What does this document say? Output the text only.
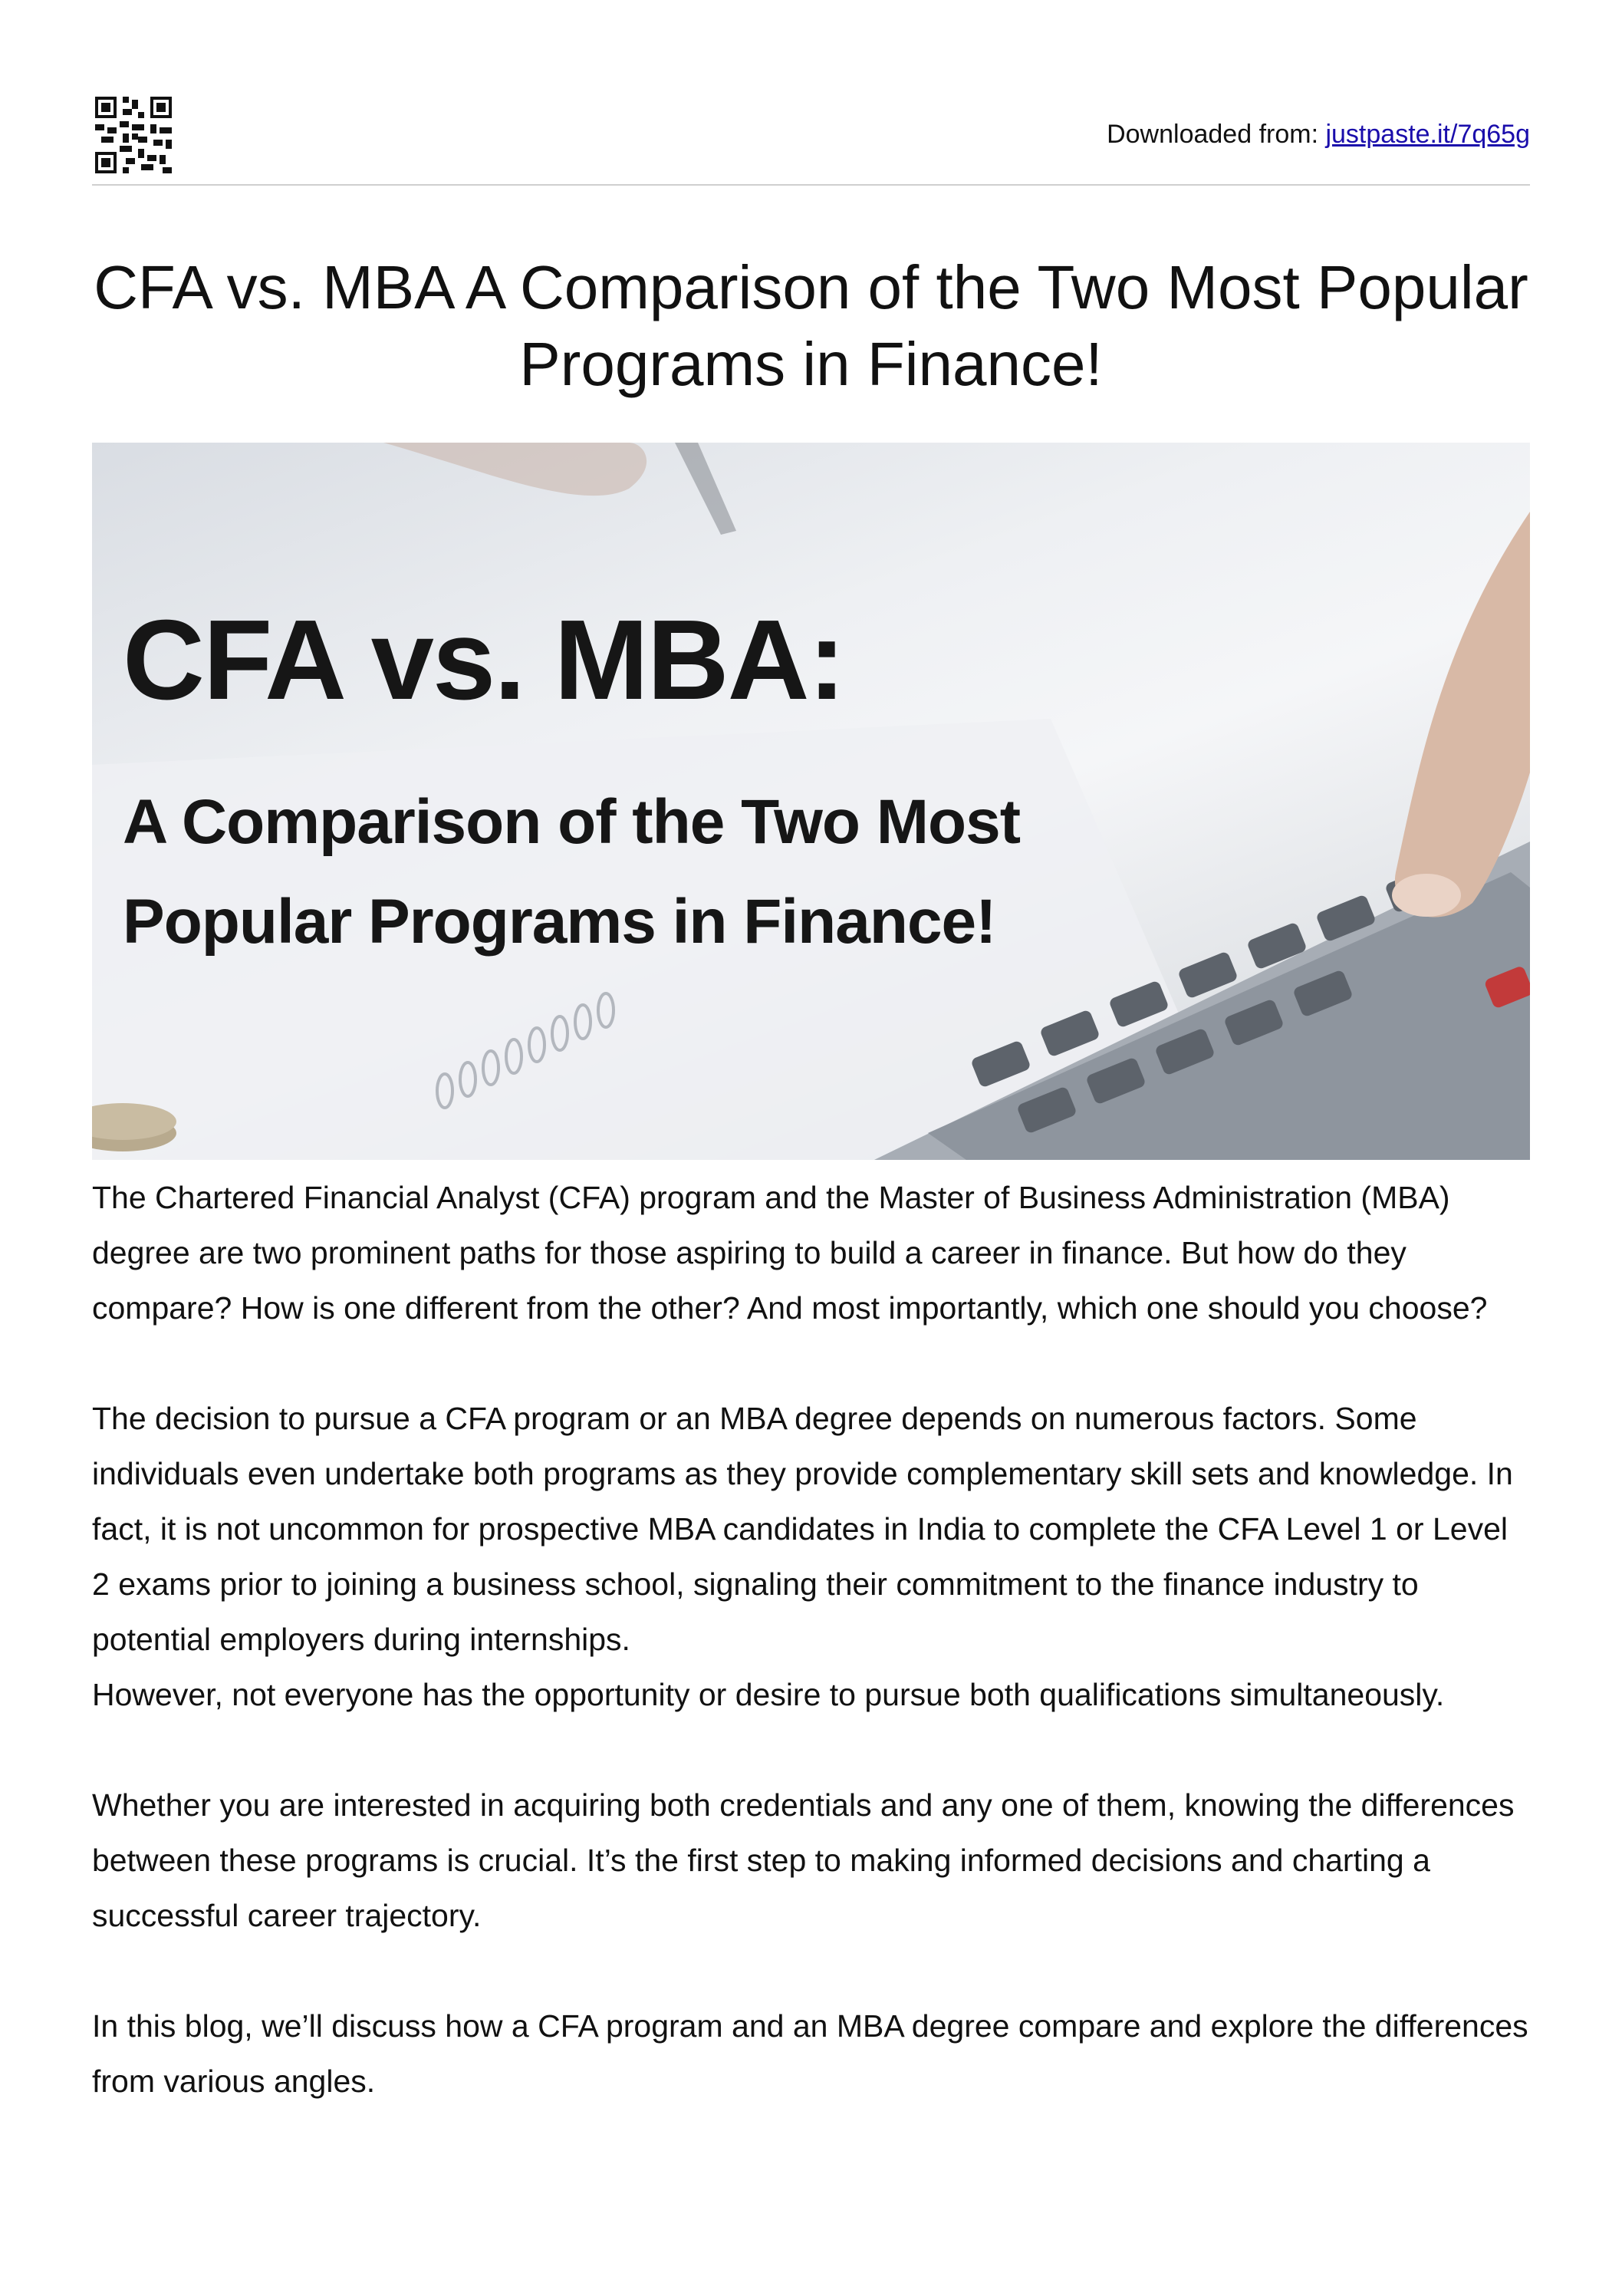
Downloaded from: justpaste.it/7q65g
CFA vs. MBA A Comparison of the Two Most Popular Programs in Finance!
CFA vs. MBA:
A Comparison of the Two Most
Popular Programs in Finance!

The Chartered Financial Analyst (CFA) program and the Master of Business Administration (MBA) degree are two prominent paths for those aspiring to build a career in finance. But how do they compare? How is one different from the other? And most importantly, which one should you choose?

The decision to pursue a CFA program or an MBA degree depends on numerous factors. Some individuals even undertake both programs as they provide complementary skill sets and knowledge. In fact, it is not uncommon for prospective MBA candidates in India to complete the CFA Level 1 or Level 2 exams prior to joining a business school, signaling their commitment to the finance industry to potential employers during internships.
However, not everyone has the opportunity or desire to pursue both qualifications simultaneously.

Whether you are interested in acquiring both credentials and any one of them, knowing the differences between these programs is crucial. It’s the first step to making informed decisions and charting a successful career trajectory.

In this blog, we’ll discuss how a CFA program and an MBA degree compare and explore the differences from various angles.
